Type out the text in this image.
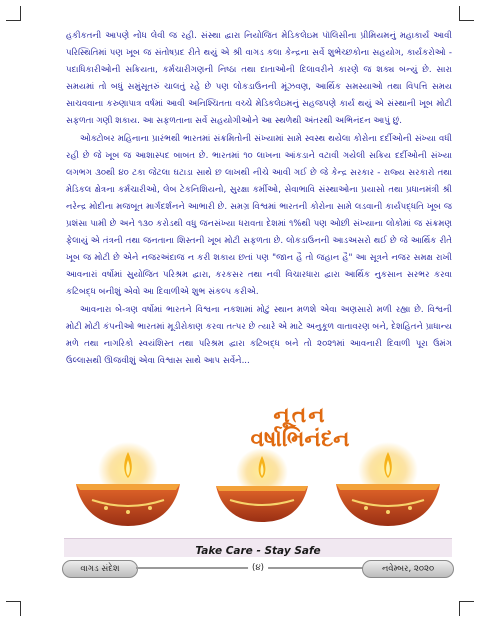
હકીકતની આપણે નોંધ લેવી જ રહી. સંસ્થા દ્વારા નિયોજિત મેડિકલેઇમ પૉલિસીના પ્રીમિયમનું મહાકાર્ય આવી પરિસ્થિતિમાં પણ ખૂબ જ સંતોષપ્રદ રીતે થયું એ શ્રી વાગડ કલા કેન્દ્રના સર્વે શુભેચ્છકોના સહયોગ, કાર્યકરોઓ - પદાધિકારીઓની સક્રિયતા, કર્મચારીગણની નિષ્ઠા તથા દાતાઓની દિલાવરીને કારણે જ શક્ય બન્યું છે. સારા સમયમાં તો બધું સમુંસૂતરું ચાલતું રહે છે પણ લોકડાઉનની મૂંઝવણ, આર્થિક સમસ્યાઓ તથા વિપત્તિ સમય સાચવવાના કરુણાપાત્ર વર્ષમાં આવી અનિશ્ચિતતા વચ્ચે મેડિકલેઇમનું સહજપણે કાર્ય થયું એ સંસ્થાની ખૂબ મોટી સફળતા ગણી શકાય. આ સફળતાના સર્વે સહયોગીઓને આ સ્થળેથી અંતરથી અભિનંદન આપું છું.

ઓક્ટોબર મહિનાના પ્રારંભથી ભારતમાં સંક્રમિતોની સંખ્યામાં સામે સ્વસ્થ થયેલા કોરોના દર્દીઓની સંખ્યા વધી રહી છે જે ખૂબ જ આશાસ્પદ બાબત છે. ભારતમાં ૧૦ લાખના આંકડાને વટાવી ગયેલી સક્રિય દર્દીઓની સંખ્યા લગભગ ૩૦થી ૪૦ ટકા જેટલા ઘટાડા સાથે છ લાખથી નીચે આવી ગઈ છે જે કેન્દ્ર સરકાર - રાજ્ય સરકારો તથા મેડિકલ ક્ષેત્રના કર્મચારીઓ, લેબ ટેકનિશિયનો, સુરક્ષા કર્મીઓ, સેવાભાવિ સંસ્થાઓના પ્રયાસો તથા પ્રધાનમંત્રી શ્રી નરેન્દ્ર મોદીના મજબૂત માર્ગદર્શનને આભારી છે. સમગ્ર વિશ્વમાં ભારતની કોરોના સામે લડવાની કાર્યપદ્ધતિ ખૂબ જ પ્રશંસા પામી છે અને ૧૩૦ કરોડથી વધુ જનસંખ્યા ધરાવતા દેશમાં ૧%થી પણ ઓછી સંખ્યાના લોકોમાં જ સંક્રમણ ફેલાયું એ તંત્રની તથા જનતાના શિસ્તની ખૂબ મોટી સફળતા છે. લોકડાઉનની આડઅસરો થઈ છે જે આર્થિક રીતે ખૂબ જ મોટી છે એને નજરઅંદાજ ન કરી શકાય છતાં પણ "જાન હૈ તો જહાન હૈ" આ સૂત્રને નજર સમક્ષ રાખી આવનારાં વર્ષોમાં સુયોજિત પરિશ્રમ દ્વારા, કરકસર તથા નવી વિચારધારા દ્વારા આર્થિક નુકસાન સરભર કરવા કટિબદ્ધ બનીશું એવો આ દિવાળીએ શુભ સંકલ્પ કરીએ.

આવનારા બે-ત્રણ વર્ષોમાં ભારતને વિશ્વના નકશામાં મોટું સ્થાન મળશે એવા અણસારો મળી રહ્યા છે. વિશ્વની મોટી મોટી કંપનીઓ ભારતમાં મૂડીરોકાણ કરવા તત્પર છે ત્યારે એ માટે અનુકૂળ વાતાવરણ બને, દેશહિતને પ્રાધાન્ય મળે તથા નાગરિકો સ્વયંશિસ્ત તથા પરિશ્રમ દ્વારા કટિબદ્ધ બને તો ૨૦૨૧માં આવનારી દિવાળી પૂરા ઉમંગ ઉલ્લાસથી ઊજવીશું એવા વિશ્વાસ સાથે આપ સર્વેને...

નૂતન
વર્ષાભિનંદન
Take Care - Stay Safe
વાગડ સંદેશ	(૪)	નવેમ્બર, ૨૦૨૦
